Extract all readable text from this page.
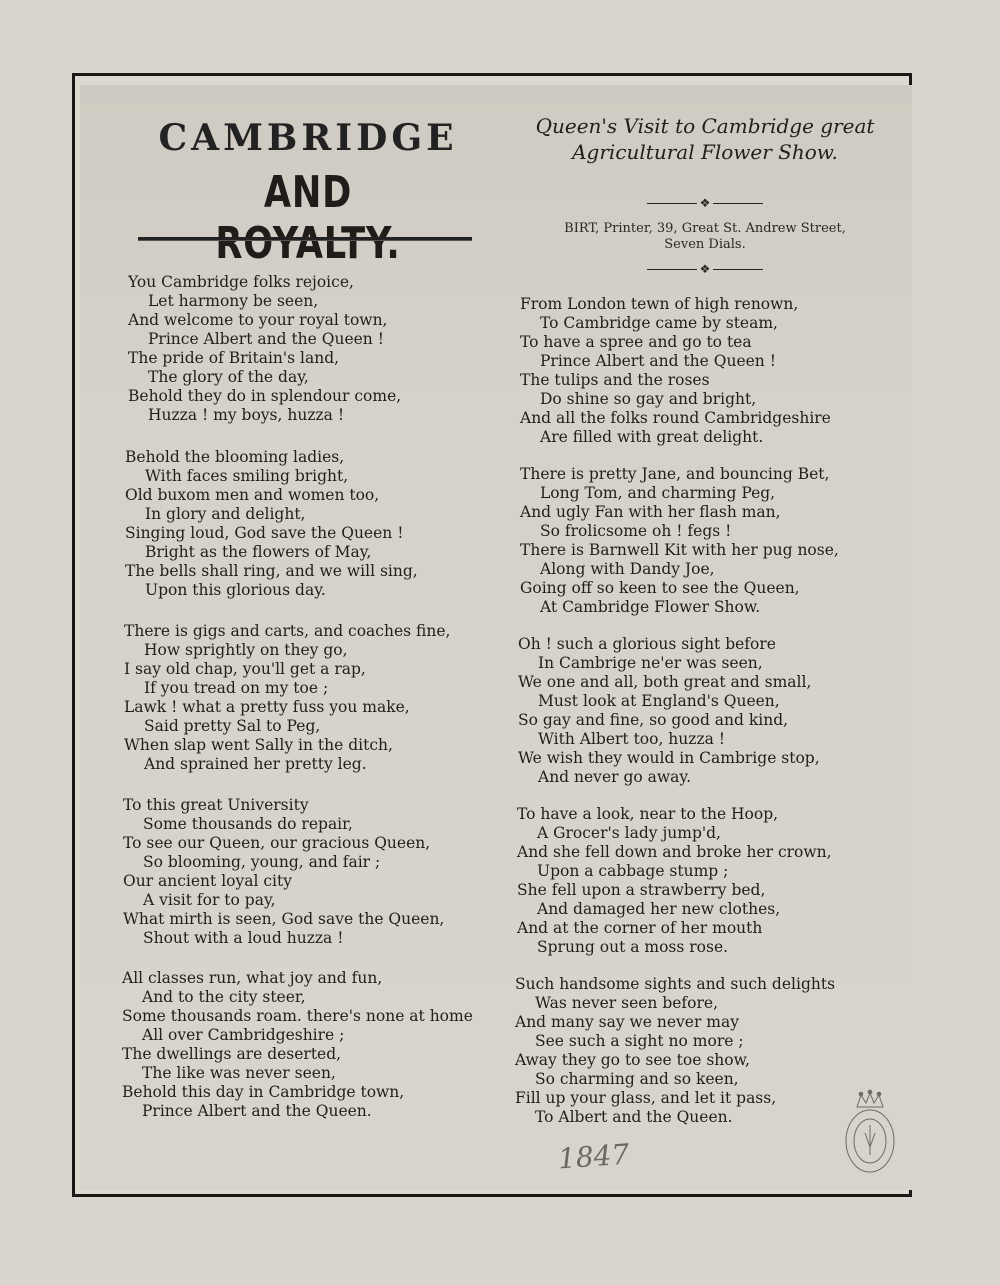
CAMBRIDGE
AND ROYALTY.
Queen's Visit to Cambridge great
Agricultural Flower Show.
❖
BIRT, Printer, 39, Great St. Andrew Street,
Seven Dials.
❖
You Cambridge folks rejoice,
Let harmony be seen,
And welcome to your royal town,
Prince Albert and the Queen !
The pride of Britain's land,
The glory of the day,
Behold they do in splendour come,
Huzza ! my boys, huzza !
Behold the blooming ladies,
With faces smiling bright,
Old buxom men and women too,
In glory and delight,
Singing loud, God save the Queen !
Bright as the flowers of May,
The bells shall ring, and we will sing,
Upon this glorious day.
There is gigs and carts, and coaches fine,
How sprightly on they go,
I say old chap, you'll get a rap,
If you tread on my toe ;
Lawk ! what a pretty fuss you make,
Said pretty Sal to Peg,
When slap went Sally in the ditch,
And sprained her pretty leg.
To this great University
Some thousands do repair,
To see our Queen, our gracious Queen,
So blooming, young, and fair ;
Our ancient loyal city
A visit for to pay,
What mirth is seen, God save the Queen,
Shout with a loud huzza !
All classes run, what joy and fun,
And to the city steer,
Some thousands roam. there's none at home
All over Cambridgeshire ;
The dwellings are deserted,
The like was never seen,
Behold this day in Cambridge town,
Prince Albert and the Queen.
From London tewn of high renown,
To Cambridge came by steam,
To have a spree and go to tea
Prince Albert and the Queen !
The tulips and the roses
Do shine so gay and bright,
And all the folks round Cambridgeshire
Are filled with great delight.
There is pretty Jane, and bouncing Bet,
Long Tom, and charming Peg,
And ugly Fan with her flash man,
So frolicsome oh ! fegs !
There is Barnwell Kit with her pug nose,
Along with Dandy Joe,
Going off so keen to see the Queen,
At Cambridge Flower Show.
Oh ! such a glorious sight before
In Cambrige ne'er was seen,
We one and all, both great and small,
Must look at England's Queen,
So gay and fine, so good and kind,
With Albert too, huzza !
We wish they would in Cambrige stop,
And never go away.
To have a look, near to the Hoop,
A Grocer's lady jump'd,
And she fell down and broke her crown,
Upon a cabbage stump ;
She fell upon a strawberry bed,
And damaged her new clothes,
And at the corner of her mouth
Sprung out a moss rose.
Such handsome sights and such delights
Was never seen before,
And many say we never may
See such a sight no more ;
Away they go to see toe show,
So charming and so keen,
Fill up your glass, and let it pass,
To Albert and the Queen.
1847
